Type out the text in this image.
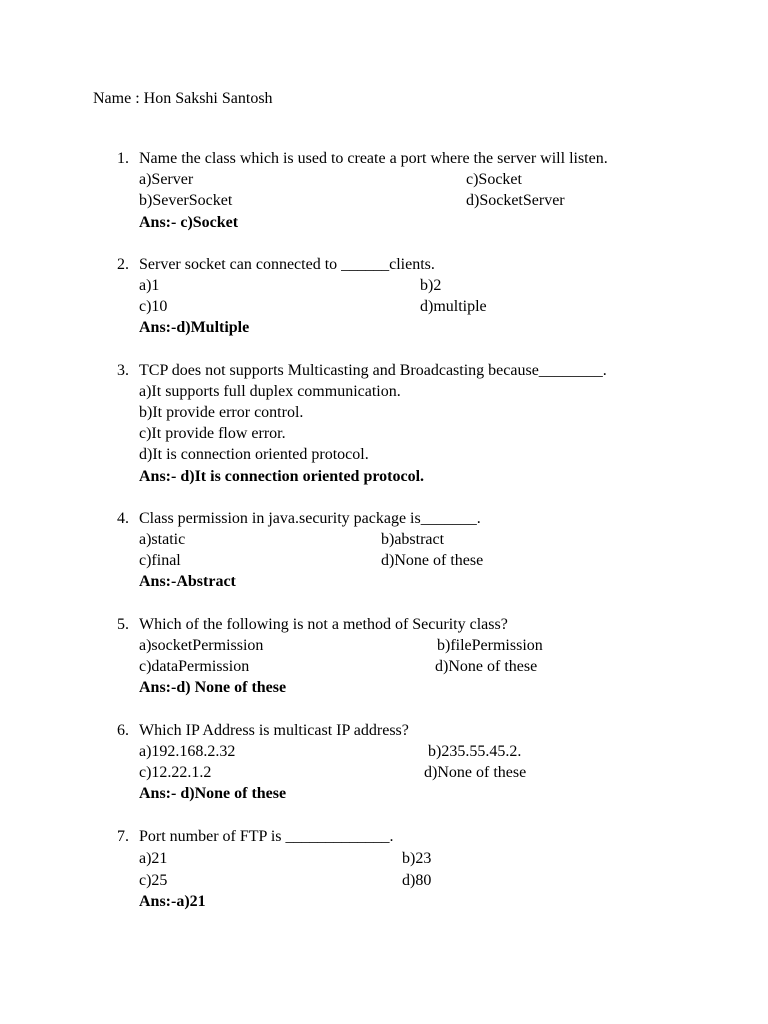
Name : Hon Sakshi Santosh
1. Name the class which is used to create a port where the server will listen.
a)Server	c)Socket
b)SeverSocket	d)SocketServer
Ans:- c)Socket
2. Server socket can connected to ______clients.
a)1	b)2
c)10	d)multiple
Ans:-d)Multiple
3. TCP does not supports Multicasting and Broadcasting because________.
a)It supports full duplex communication.
b)It provide error control.
c)It provide flow error.
d)It is connection oriented protocol.
Ans:- d)It is connection oriented protocol.
4. Class permission in java.security package is_______.
a)static	b)abstract
c)final	d)None of these
Ans:-Abstract
5. Which of the following is not a method of Security class?
a)socketPermission	b)filePermission
c)dataPermission	d)None of these
Ans:-d) None of these
6. Which IP Address is multicast IP address?
a)192.168.2.32	b)235.55.45.2.
c)12.22.1.2	d)None of these
Ans:- d)None of these
7. Port number of FTP is _____________.
a)21	b)23
c)25	d)80
Ans:-a)21
